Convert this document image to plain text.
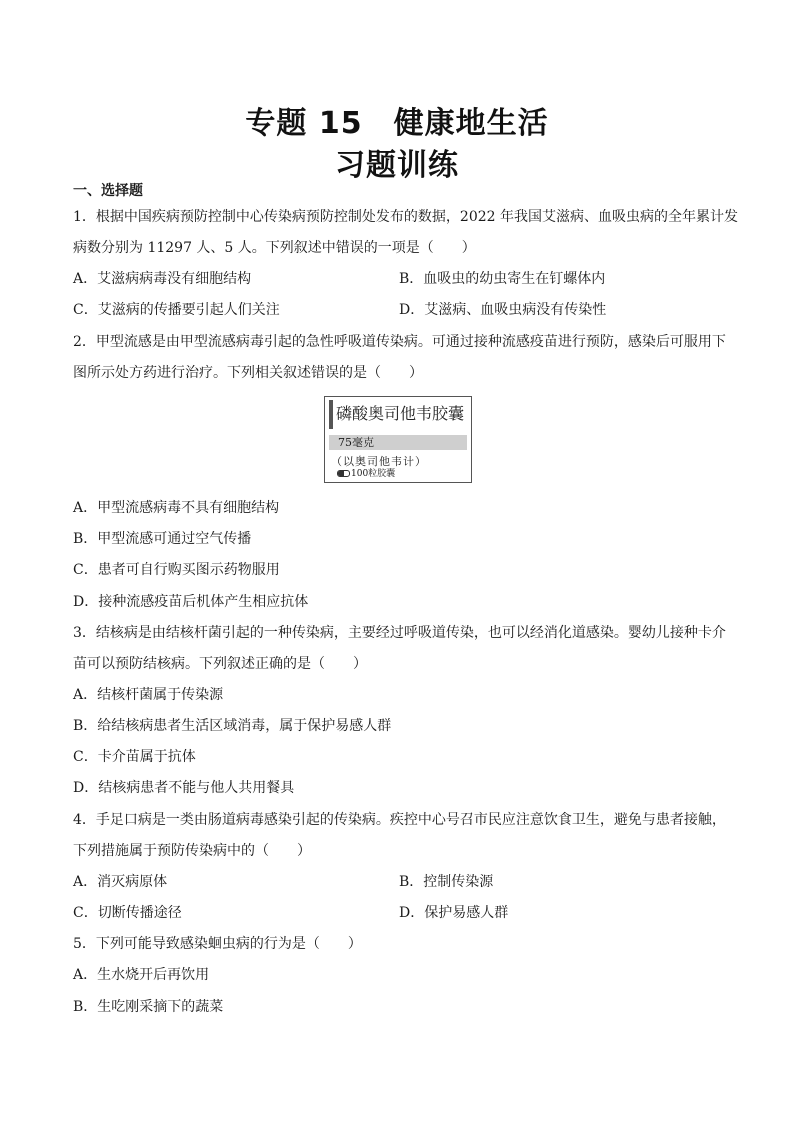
专题 15　健康地生活
习题训练
一、选择题
1．根据中国疾病预防控制中心传染病预防控制处发布的数据，2022 年我国艾滋病、血吸虫病的全年累计发
病数分别为 11297 人、5 人。下列叙述中错误的一项是（　　）
A．艾滋病病毒没有细胞结构	B．血吸虫的幼虫寄生在钉螺体内
C．艾滋病的传播要引起人们关注	D．艾滋病、血吸虫病没有传染性
2．甲型流感是由甲型流感病毒引起的急性呼吸道传染病。可通过接种流感疫苗进行预防，感染后可服用下
图所示处方药进行治疗。下列相关叙述错误的是（　　）
磷酸奥司他韦胶囊
75毫克
（以奥司他韦计）
100粒胶囊
A．甲型流感病毒不具有细胞结构
B．甲型流感可通过空气传播
C．患者可自行购买图示药物服用
D．接种流感疫苗后机体产生相应抗体
3．结核病是由结核杆菌引起的一种传染病，主要经过呼吸道传染，也可以经消化道感染。婴幼儿接种卡介
苗可以预防结核病。下列叙述正确的是（　　）
A．结核杆菌属于传染源
B．给结核病患者生活区域消毒，属于保护易感人群
C．卡介苗属于抗体
D．结核病患者不能与他人共用餐具
4．手足口病是一类由肠道病毒感染引起的传染病。疾控中心号召市民应注意饮食卫生，避免与患者接触，
下列措施属于预防传染病中的（　　）
A．消灭病原体	B．控制传染源
C．切断传播途径	D．保护易感人群
5．下列可能导致感染蛔虫病的行为是（　　）
A．生水烧开后再饮用
B．生吃刚采摘下的蔬菜
